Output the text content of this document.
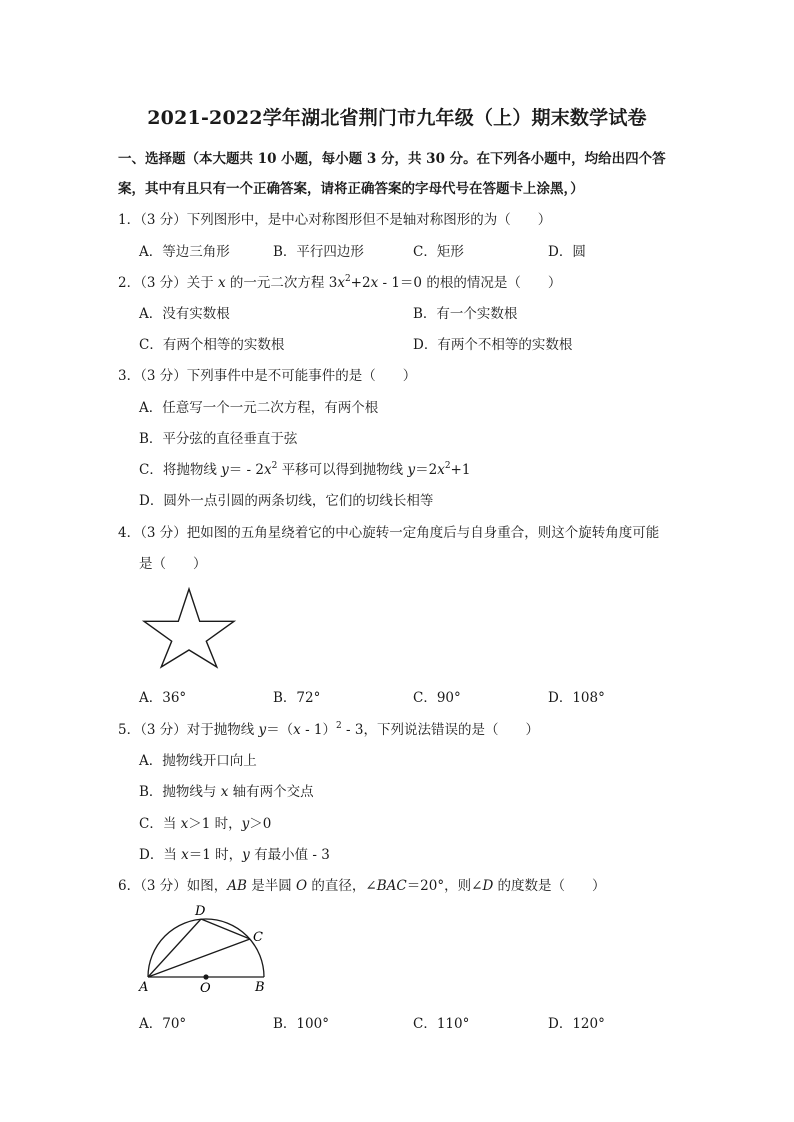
2021-2022学年湖北省荆门市九年级（上）期末数学试卷
一、选择题（本大题共 10 小题，每小题 3 分，共 30 分。在下列各小题中，均给出四个答
案，其中有且只有一个正确答案，请将正确答案的字母代号在答题卡上涂黑，）
1．（3 分）下列图形中，是中心对称图形但不是轴对称图形的为（　　）
A．等边三角形	B．平行四边形	C．矩形	D．圆
2．（3 分）关于 x 的一元二次方程 $3x^2+2x - 1=0$ 的根的情况是（　　）
A．没有实数根	B．有一个实数根
C．有两个相等的实数根	D．有两个不相等的实数根
3．（3 分）下列事件中是不可能事件的是（　　）
A．任意写一个一元二次方程，有两个根
B．平分弦的直径垂直于弦
C．将抛物线 $y= - 2x^2$ 平移可以得到抛物线 $y=2x^2+1$
D．圆外一点引圆的两条切线，它们的切线长相等
4．（3 分）把如图的五角星绕着它的中心旋转一定角度后与自身重合，则这个旋转角度可能
是（　　）
A．36°	B．72°	C．90°	D．108°
5．（3 分）对于抛物线 y＝（x - 1）$^2$ - 3，下列说法错误的是（　　）
A．抛物线开口向上
B．抛物线与 x 轴有两个交点
C．当 x＞1 时，y＞0
D．当 x＝1 时，y 有最小值 - 3
6．（3 分）如图，AB 是半圆 O 的直径，∠BAC＝20°，则∠D 的度数是（　　）
D
C
A	O	B
A．70°	B．100°	C．110°	D．120°
